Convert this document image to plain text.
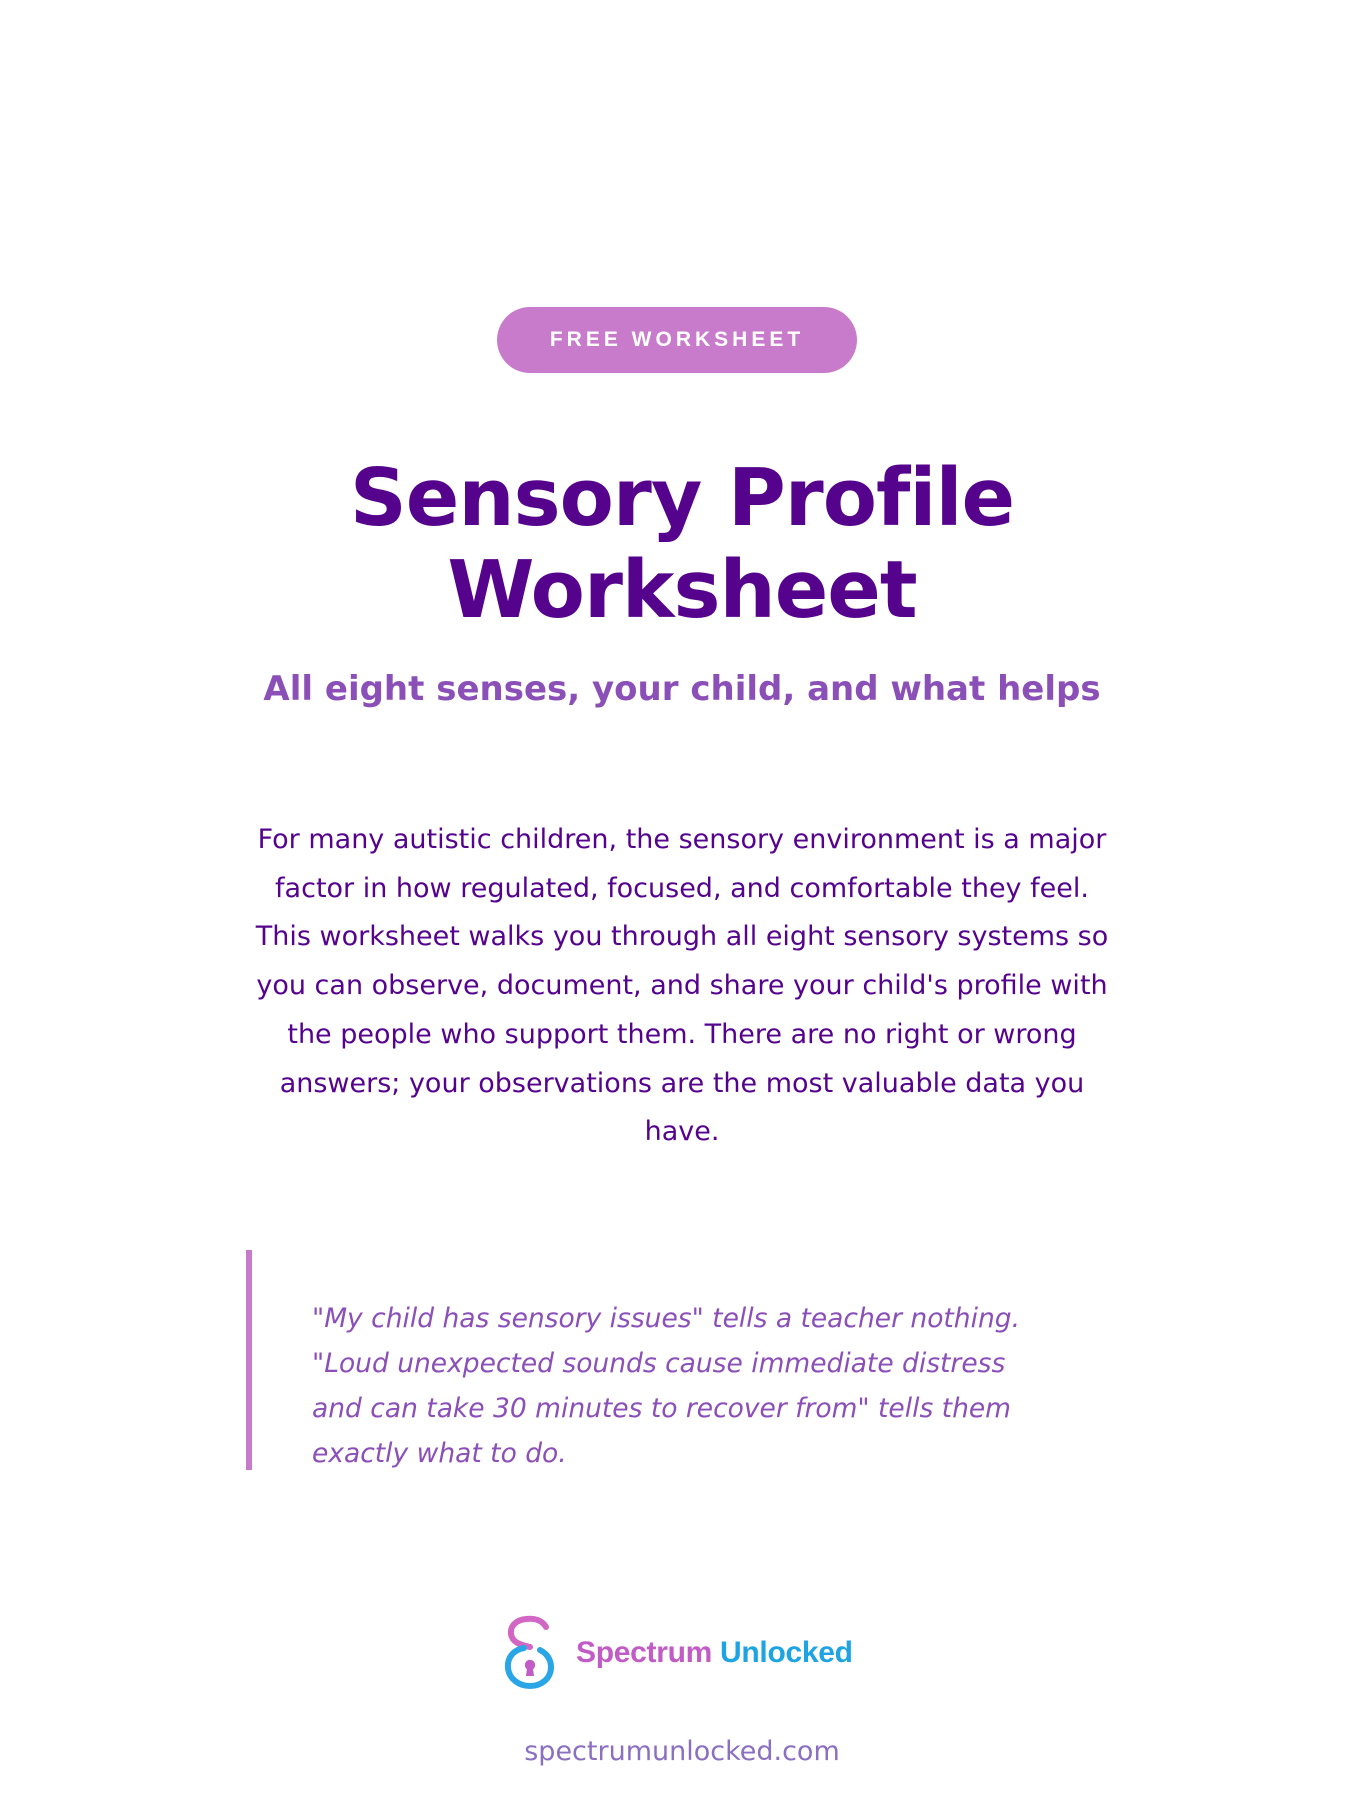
FREE WORKSHEET
Sensory Profile
Worksheet
All eight senses, your child, and what helps

For many autistic children, the sensory environment is a major factor in how regulated, focused, and comfortable they feel. This worksheet walks you through all eight sensory systems so you can observe, document, and share your child's profile with the people who support them. There are no right or wrong answers; your observations are the most valuable data you have.

"My child has sensory issues" tells a teacher nothing. "Loud unexpected sounds cause immediate distress and can take 30 minutes to recover from" tells them exactly what to do.

Spectrum Unlocked
spectrumunlocked.com
